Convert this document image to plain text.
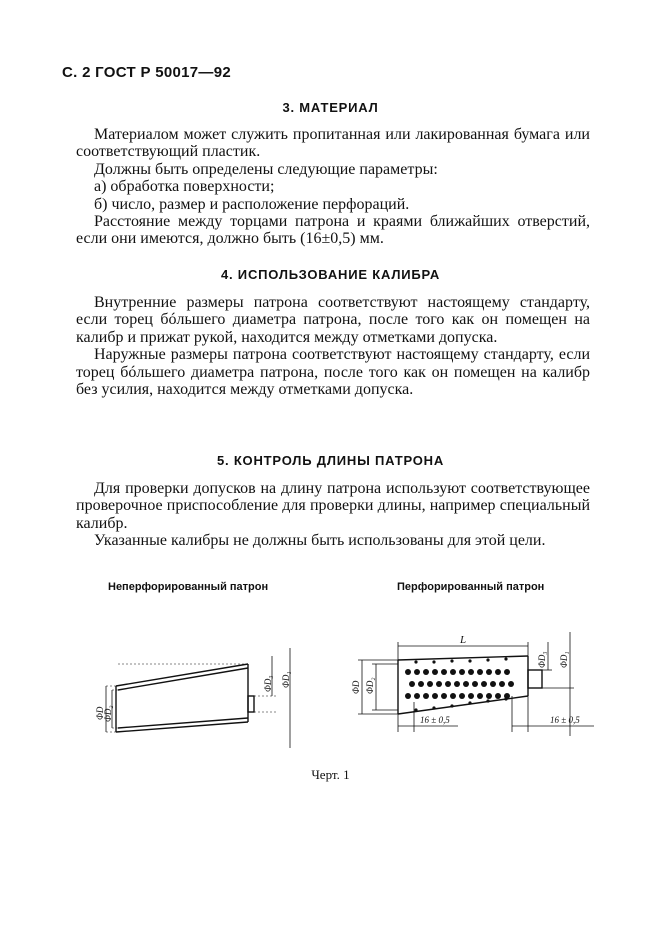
С. 2 ГОСТ Р 50017—92
3. МАТЕРИАЛ

Материалом может служить пропитанная или лакированная бумага или соответствующий пластик.

Должны быть определены следующие параметры:

а) обработка поверхности;

б) число, размер и расположение перфораций.

Расстояние между торцами патрона и краями ближайших отверстий, если они имеются, должно быть (16±0,5) мм.

4. ИСПОЛЬЗОВАНИЕ КАЛИБРА

Внутренние размеры патрона соответствуют настоящему стандарту, если торец бóльшего диаметра патрона, после того как он помещен на калибр и прижат рукой, находится между отметками допуска.

Наружные размеры патрона соответствуют настоящему стандарту, если торец бóльшего диаметра патрона, после того как он помещен на калибр без усилия, находится между отметками допуска.

5. КОНТРОЛЬ ДЛИНЫ ПАТРОНА

Для проверки допусков на длину патрона используют соответствующее проверочное приспособление для проверки длины, например специальный калибр.

Указанные калибры не должны быть использованы для этой цели.

Неперфорированный патрон	Перфорированный патрон
ΦD
ΦD₂
ΦD₃ ΦD₁
L
ΦD ΦD₂
ΦD₃ ΦD₁
16 ± 0,5	16 ± 0,5
Черт. 1
